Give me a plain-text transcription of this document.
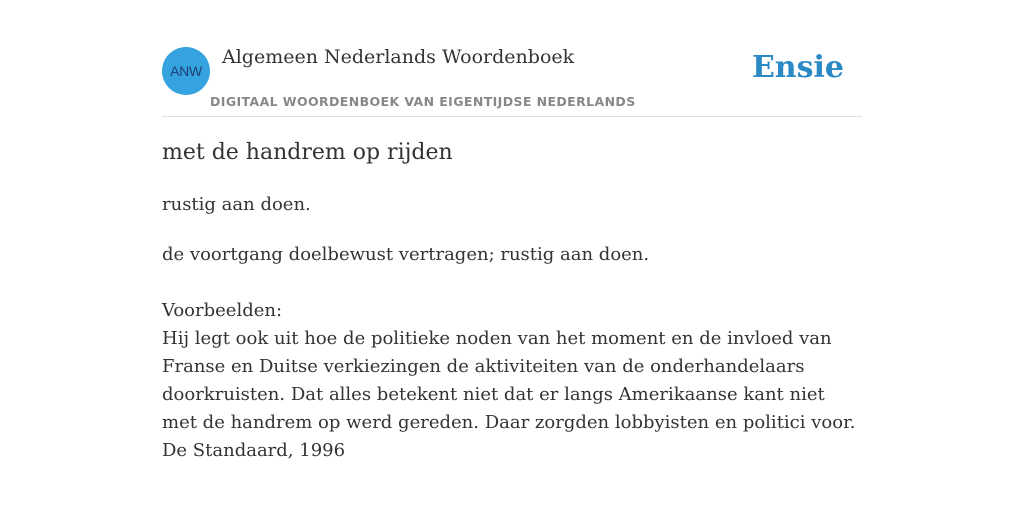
ANW
Algemeen Nederlands Woordenboek
DIGITAAL WOORDENBOEK VAN EIGENTIJDSE NEDERLANDS
Ensie
met de handrem op rijden
rustig aan doen.

de voortgang doelbewust vertragen; rustig aan doen.

Voorbeelden:

Hij legt ook uit hoe de politieke noden van het moment en de invloed van Franse en Duitse verkiezingen de aktiviteiten van de onderhandelaars doorkruisten. Dat alles betekent niet dat er langs Amerikaanse kant niet met de handrem op werd gereden. Daar zorgden lobbyisten en politici voor.

De Standaard, 1996
